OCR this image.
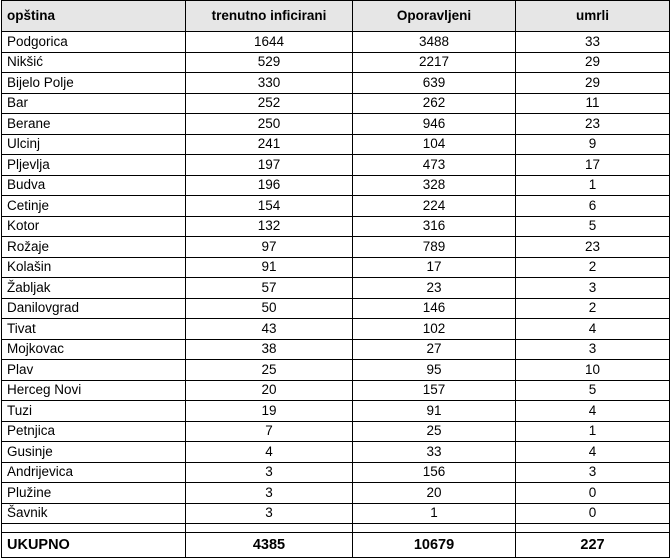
opština	trenutno inficirani	Oporavljeni	umrli
Podgorica	1644	3488	33
Nikšić	529	2217	29
Bijelo Polje	330	639	29
Bar	252	262	11
Berane	250	946	23
Ulcinj	241	104	9
Pljevlja	197	473	17
Budva	196	328	1
Cetinje	154	224	6
Kotor	132	316	5
Rožaje	97	789	23
Kolašin	91	17	2
Žabljak	57	23	3
Danilovgrad	50	146	2
Tivat	43	102	4
Mojkovac	38	27	3
Plav	25	95	10
Herceg Novi	20	157	5
Tuzi	19	91	4
Petnjica	7	25	1
Gusinje	4	33	4
Andrijevica	3	156	3
Plužine	3	20	0
Šavnik	3	1	0

UKUPNO	4385	10679	227
